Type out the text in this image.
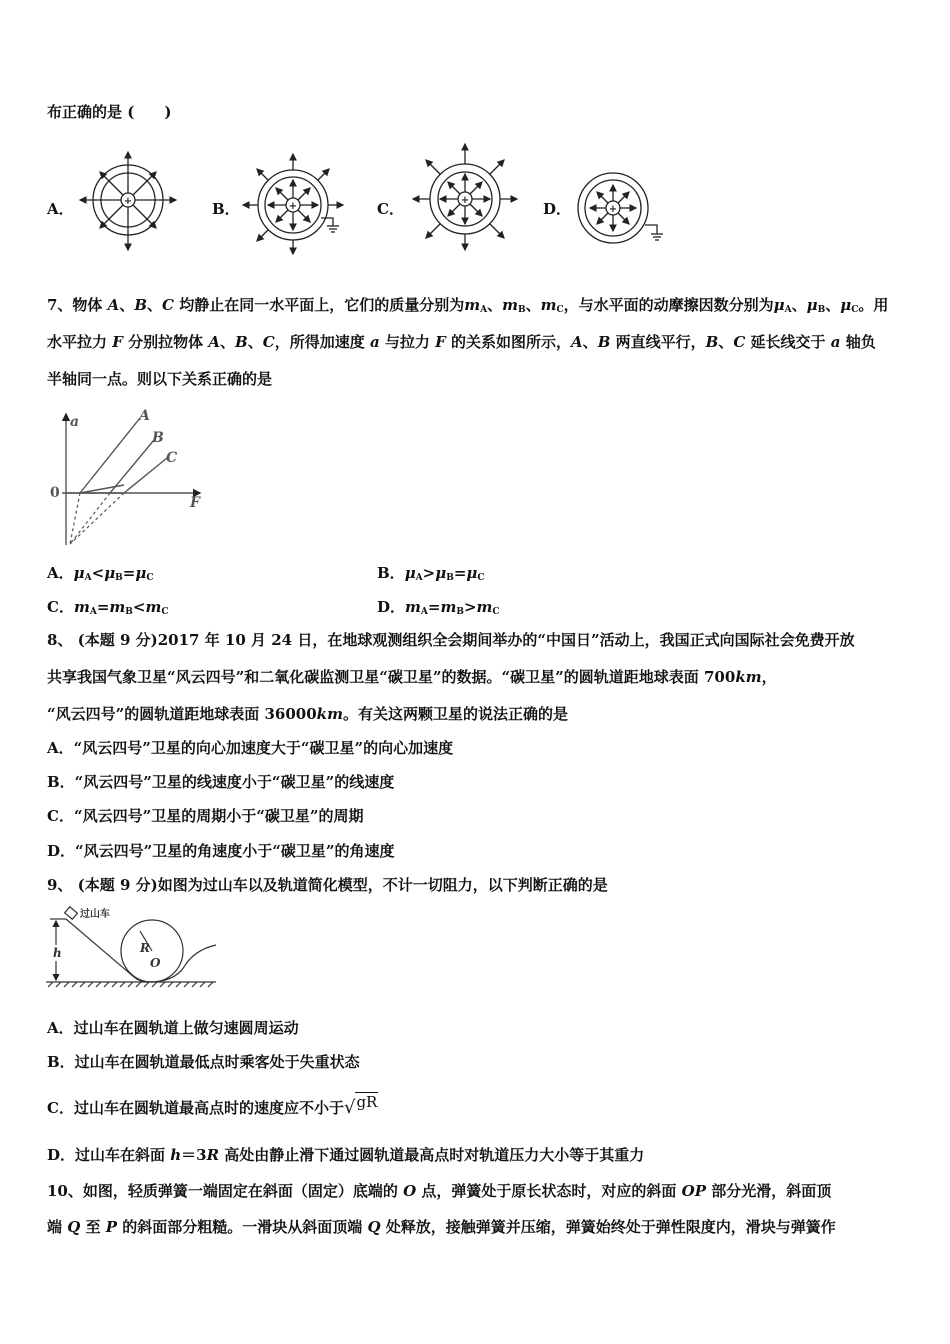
布正确的是 (　　)
A．	B．	C．	D．
+	+
+
+
7、物体 A、B、C 均静止在同一水平面上，它们的质量分别为$m_A$、$m_B$、$m_C$，与水平面的动摩擦因数分别为$\mu_A$、$\mu_B$、$\mu_C$。用
水平拉力 F 分别拉物体 A、B、C，所得加速度 a 与拉力 F 的关系如图所示，A、B 两直线平行，B、C 延长线交于 a 轴负
半轴同一点。则以下关系正确的是
a
F
0
A
B
C
A．$\mu_A<\mu_B=\mu_C$	B．$\mu_A>\mu_B=\mu_C$
C．$m_A=m_B<m_C$	D．$m_A=m_B>m_C$
8、 (本题 9 分)2017 年 10 月 24 日，在地球观测组织全会期间举办的“中国日”活动上，我国正式向国际社会免费开放
共享我国气象卫星“风云四号”和二氧化碳监测卫星“碳卫星”的数据。“碳卫星”的圆轨道距地球表面 700km，
“风云四号”的圆轨道距地球表面 36000km。有关这两颗卫星的说法正确的是
A．“风云四号”卫星的向心加速度大于“碳卫星”的向心加速度
B．“风云四号”卫星的线速度小于“碳卫星”的线速度
C．“风云四号”卫星的周期小于“碳卫星”的周期
D．“风云四号”卫星的角速度小于“碳卫星”的角速度
9、 (本题 9 分)如图为过山车以及轨道简化模型，不计一切阻力，以下判断正确的是
过山车
h	R
O
A．过山车在圆轨道上做匀速圆周运动
B．过山车在圆轨道最低点时乘客处于失重状态
C．过山车在圆轨道最高点时的速度应不小于√gR
D．过山车在斜面 h＝3R 高处由静止滑下通过圆轨道最高点时对轨道压力大小等于其重力
10、如图，轻质弹簧一端固定在斜面（固定）底端的 O 点，弹簧处于原长状态时，对应的斜面 OP 部分光滑，斜面顶
端 Q 至 P 的斜面部分粗糙。一滑块从斜面顶端 Q 处释放，接触弹簧并压缩，弹簧始终处于弹性限度内，滑块与弹簧作
